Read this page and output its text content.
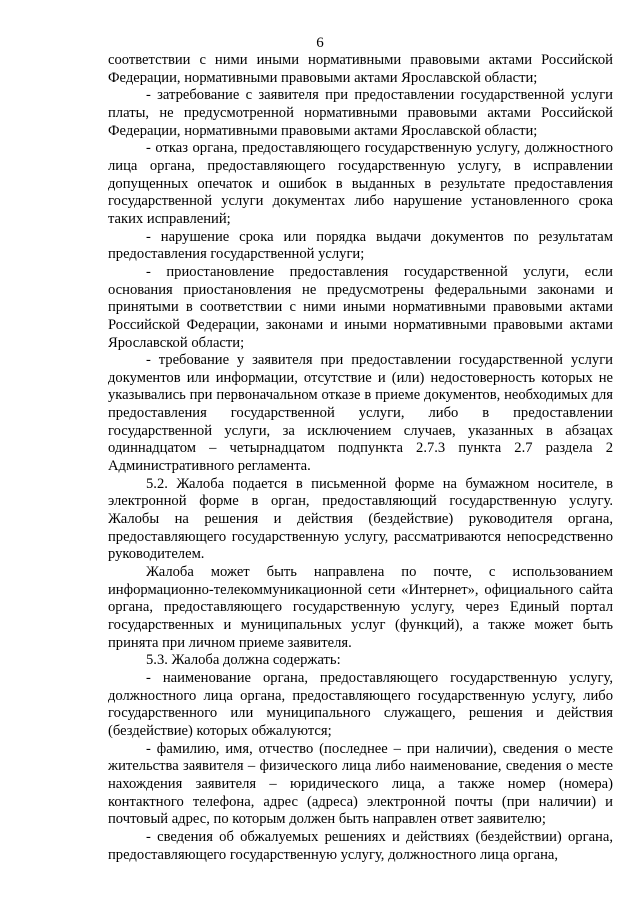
6

соответствии с ними иными нормативными правовыми актами Российской Федерации, нормативными правовыми актами Ярославской области;

- затребование с заявителя при предоставлении государственной услуги платы, не предусмотренной нормативными правовыми актами Российской Федерации, нормативными правовыми актами Ярославской области;

- отказ органа, предоставляющего государственную услугу, должностного лица органа, предоставляющего государственную услугу, в исправлении допущенных опечаток и ошибок в выданных в результате предоставления государственной услуги документах либо нарушение установленного срока таких исправлений;

- нарушение срока или порядка выдачи документов по результатам предоставления государственной услуги;

- приостановление предоставления государственной услуги, если основания приостановления не предусмотрены федеральными законами и принятыми в соответствии с ними иными нормативными правовыми актами Российской Федерации, законами и иными нормативными правовыми актами Ярославской области;

- требование у заявителя при предоставлении государственной услуги документов или информации, отсутствие и (или) недостоверность которых не указывались при первоначальном отказе в приеме документов, необходимых для предоставления государственной услуги, либо в предоставлении государственной услуги, за исключением случаев, указанных в абзацах одиннадцатом – четырнадцатом подпункта 2.7.3 пункта 2.7 раздела 2 Административного регламента.

5.2. Жалоба подается в письменной форме на бумажном носителе, в электронной форме в орган, предоставляющий государственную услугу. Жалобы на решения и действия (бездействие) руководителя органа, предоставляющего государственную услугу, рассматриваются непосредственно руководителем.

Жалоба может быть направлена по почте, с использованием информационно-телекоммуникационной сети «Интернет», официального сайта органа, предоставляющего государственную услугу, через Единый портал государственных и муниципальных услуг (функций), а также может быть принята при личном приеме заявителя.

5.3. Жалоба должна содержать:

- наименование органа, предоставляющего государственную услугу, должностного лица органа, предоставляющего государственную услугу, либо государственного или муниципального служащего, решения и действия (бездействие) которых обжалуются;

- фамилию, имя, отчество (последнее – при наличии), сведения о месте жительства заявителя – физического лица либо наименование, сведения о месте нахождения заявителя – юридического лица, а также номер (номера) контактного телефона, адрес (адреса) электронной почты (при наличии) и почтовый адрес, по которым должен быть направлен ответ заявителю;

- сведения об обжалуемых решениях и действиях (бездействии) органа, предоставляющего государственную услугу, должностного лица органа,
